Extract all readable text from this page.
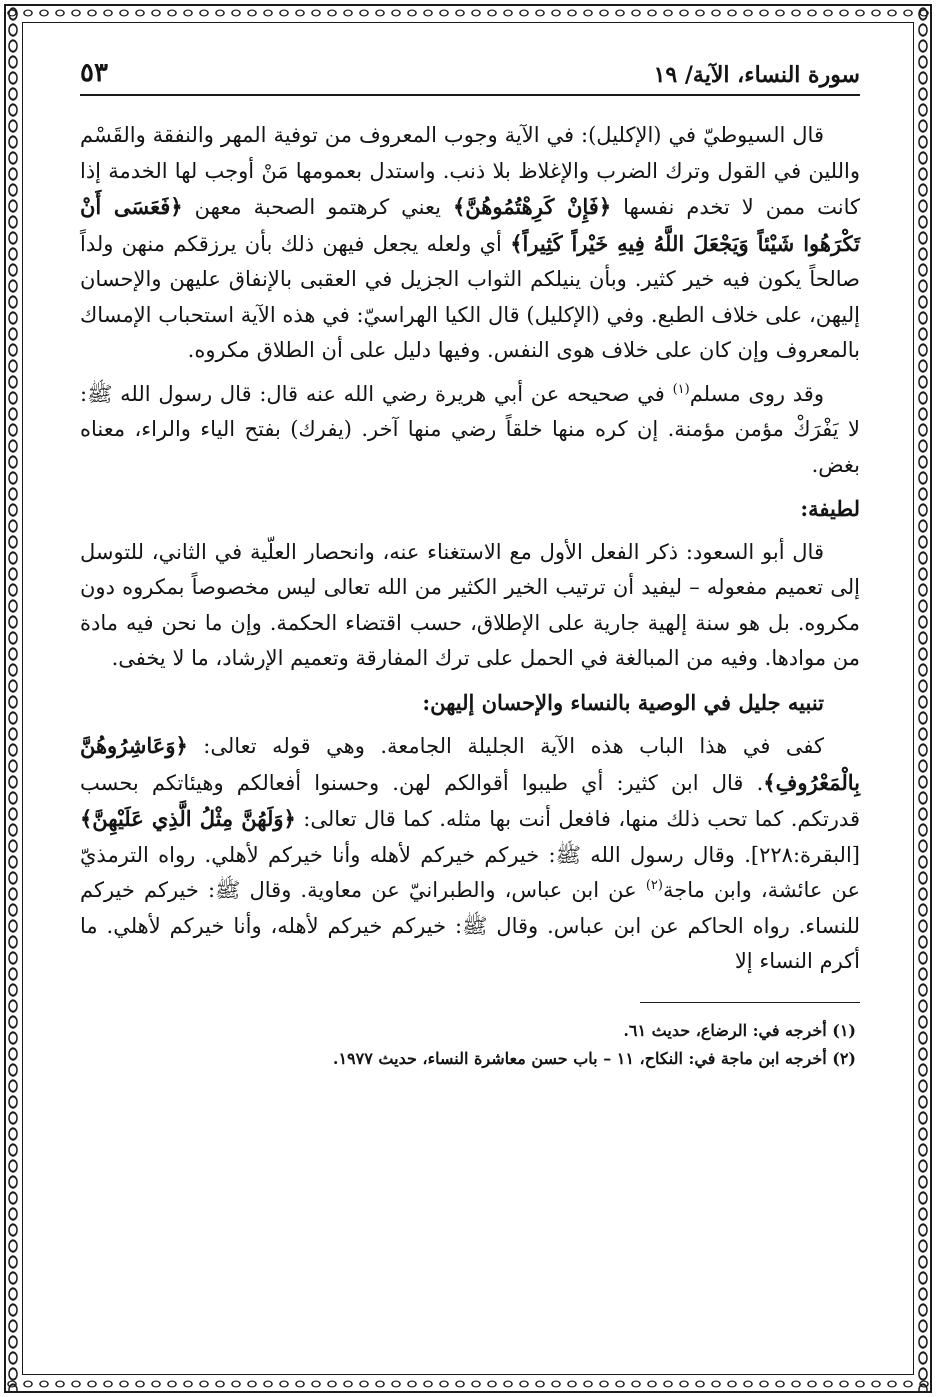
سورة النساء، الآية/ ١٩
٥٣

قال السيوطيّ في (الإكليل): في الآية وجوب المعروف من توفية المهر والنفقة والقَسْم واللين في القول وترك الضرب والإغلاظ بلا ذنب. واستدل بعمومها مَنْ أوجب لها الخدمة إذا كانت ممن لا تخدم نفسها ﴿فَإِنْ كَرِهْتُمُوهُنَّ﴾ يعني كرهتمو الصحبة معهن ﴿فَعَسَى أَنْ تَكْرَهُوا شَيْئاً وَيَجْعَلَ اللَّهُ فِيهِ خَيْراً كَثِيراً﴾ أي ولعله يجعل فيهن ذلك بأن يرزقكم منهن ولداً صالحاً يكون فيه خير كثير. وبأن ينيلكم الثواب الجزيل في العقبى بالإنفاق عليهن والإحسان إليهن، على خلاف الطبع. وفي (الإكليل) قال الكيا الهراسيّ: في هذه الآية استحباب الإمساك بالمعروف وإن كان على خلاف هوى النفس. وفيها دليل على أن الطلاق مكروه.

وقد روى مسلم$^{(١)}$ في صحيحه عن أبي هريرة رضي الله عنه قال: قال رسول الله ﷺ: لا يَفْرَكْ مؤمن مؤمنة. إن كره منها خلقاً رضي منها آخر. (يفرك) بفتح الياء والراء، معناه بغض.

لطيفة:

قال أبو السعود: ذكر الفعل الأول مع الاستغناء عنه، وانحصار العلّية في الثاني، للتوسل إلى تعميم مفعوله – ليفيد أن ترتيب الخير الكثير من الله تعالى ليس مخصوصاً بمكروه دون مكروه. بل هو سنة إلهية جارية على الإطلاق، حسب اقتضاء الحكمة. وإن ما نحن فيه مادة من موادها. وفيه من المبالغة في الحمل على ترك المفارقة وتعميم الإرشاد، ما لا يخفى.

تنبيه جليل في الوصية بالنساء والإحسان إليهن:

كفى في هذا الباب هذه الآية الجليلة الجامعة. وهي قوله تعالى: ﴿وَعَاشِرُوهُنَّ بِالْمَعْرُوفِ﴾. قال ابن كثير: أي طيبوا أقوالكم لهن. وحسنوا أفعالكم وهيئاتكم بحسب قدرتكم. كما تحب ذلك منها، فافعل أنت بها مثله. كما قال تعالى: ﴿وَلَهُنَّ مِثْلُ الَّذِي عَلَيْهِنَّ﴾ [البقرة:٢٢٨]. وقال رسول الله ﷺ: خيركم خيركم لأهله وأنا خيركم لأهلي. رواه الترمذيّ عن عائشة، وابن ماجة$^{(٢)}$ عن ابن عباس، والطبرانيّ عن معاوية. وقال ﷺ: خيركم خيركم للنساء. رواه الحاكم عن ابن عباس. وقال ﷺ: خيركم خيركم لأهله، وأنا خيركم لأهلي. ما أكرم النساء إلا

(١) أخرجه في: الرضاع، حديث ٦١.
(٢) أخرجه ابن ماجة في: النكاح، ١١ – باب حسن معاشرة النساء، حديث ١٩٧٧.
